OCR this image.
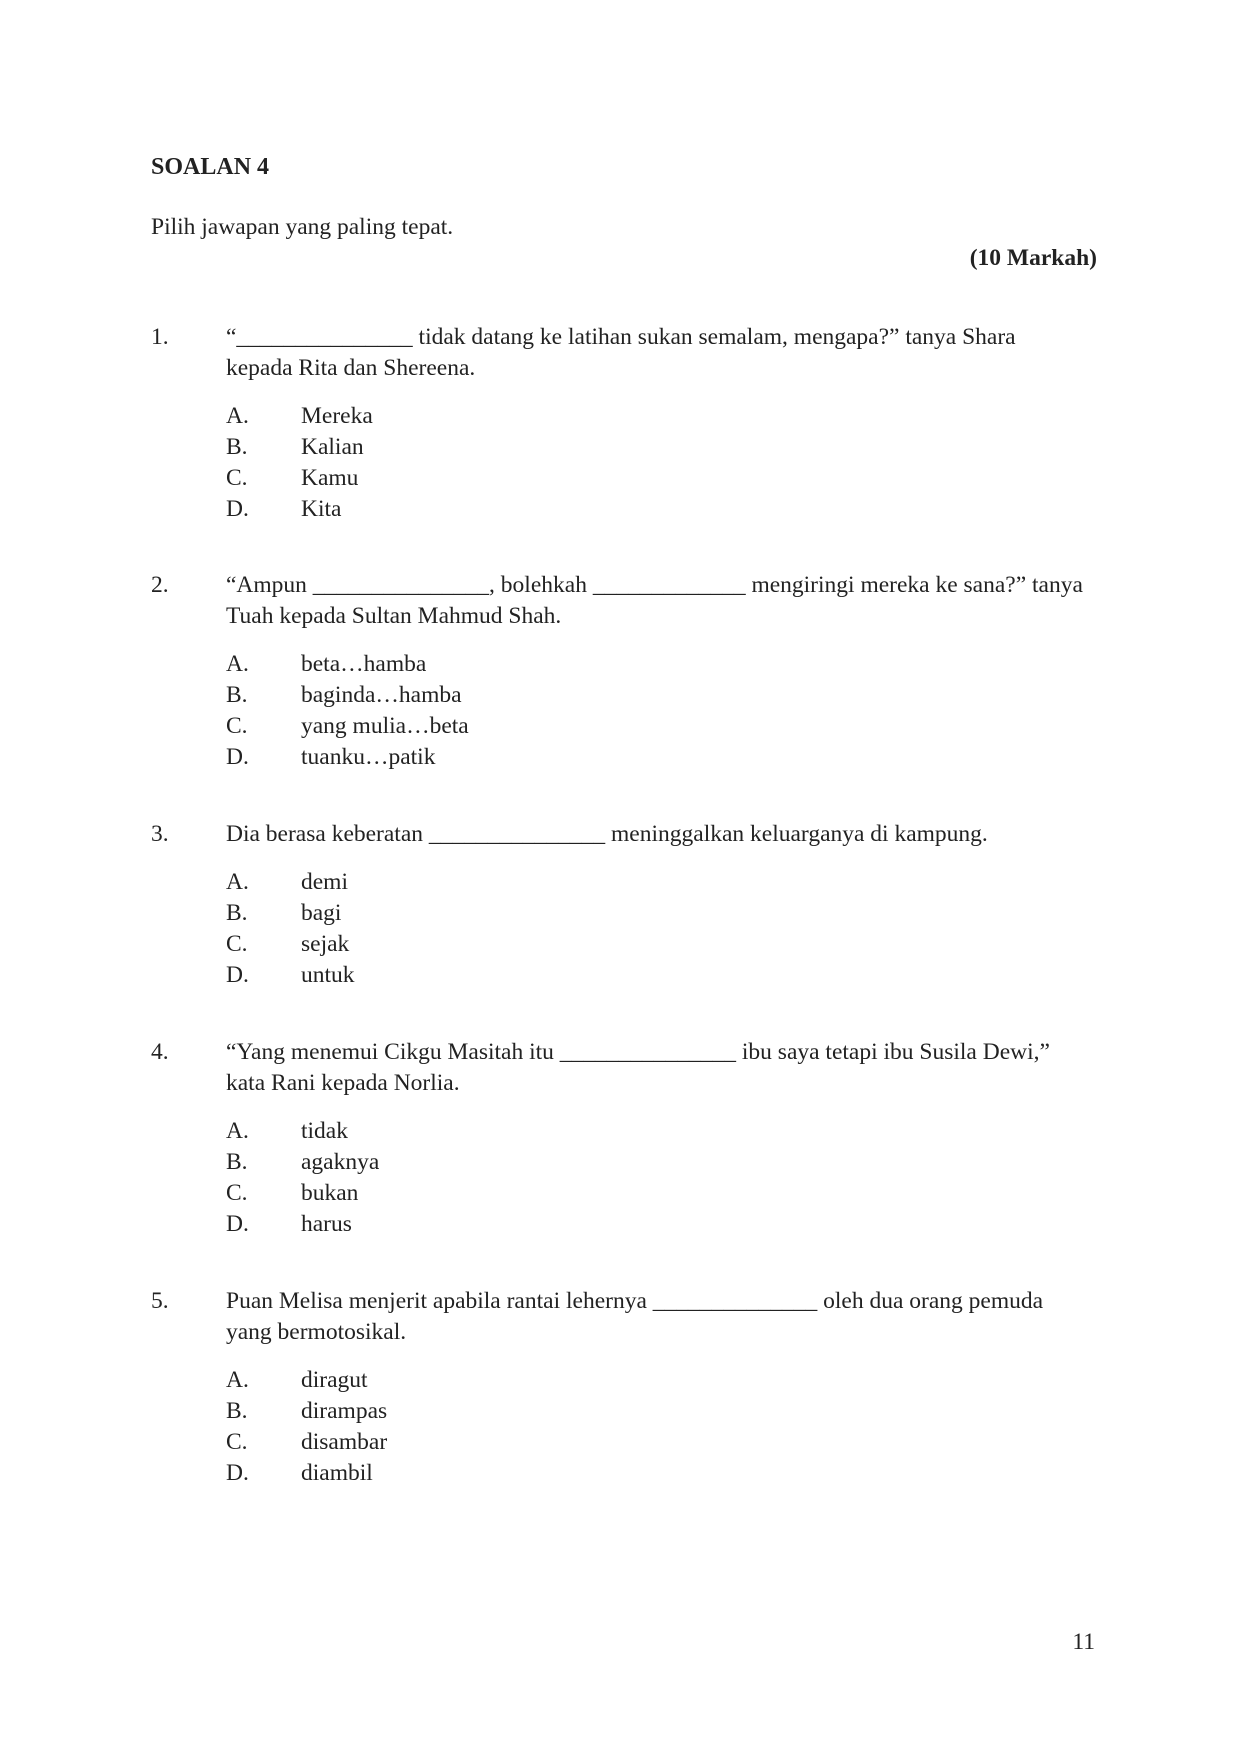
SOALAN 4
Pilih jawapan yang paling tepat.
(10 Markah)
1. “_______________ tidak datang ke latihan sukan semalam, mengapa?” tanya Shara kepada Rita dan Shereena.
A.	Mereka
B.	Kalian
C.	Kamu
D.	Kita
2. “Ampun _______________, bolehkah _____________ mengiringi mereka ke sana?” tanya Tuah kepada Sultan Mahmud Shah.
A.	beta…hamba
B.	baginda…hamba
C.	yang mulia…beta
D.	tuanku…patik
3. Dia berasa keberatan _______________ meninggalkan keluarganya di kampung.
A.	demi
B.	bagi
C.	sejak
D.	untuk
4. “Yang menemui Cikgu Masitah itu _______________ ibu saya tetapi ibu Susila Dewi,” kata Rani kepada Norlia.
A.	tidak
B.	agaknya
C.	bukan
D.	harus
5. Puan Melisa menjerit apabila rantai lehernya ______________ oleh dua orang pemuda yang bermotosikal.
A.	diragut
B.	dirampas
C.	disambar
D.	diambil
11
